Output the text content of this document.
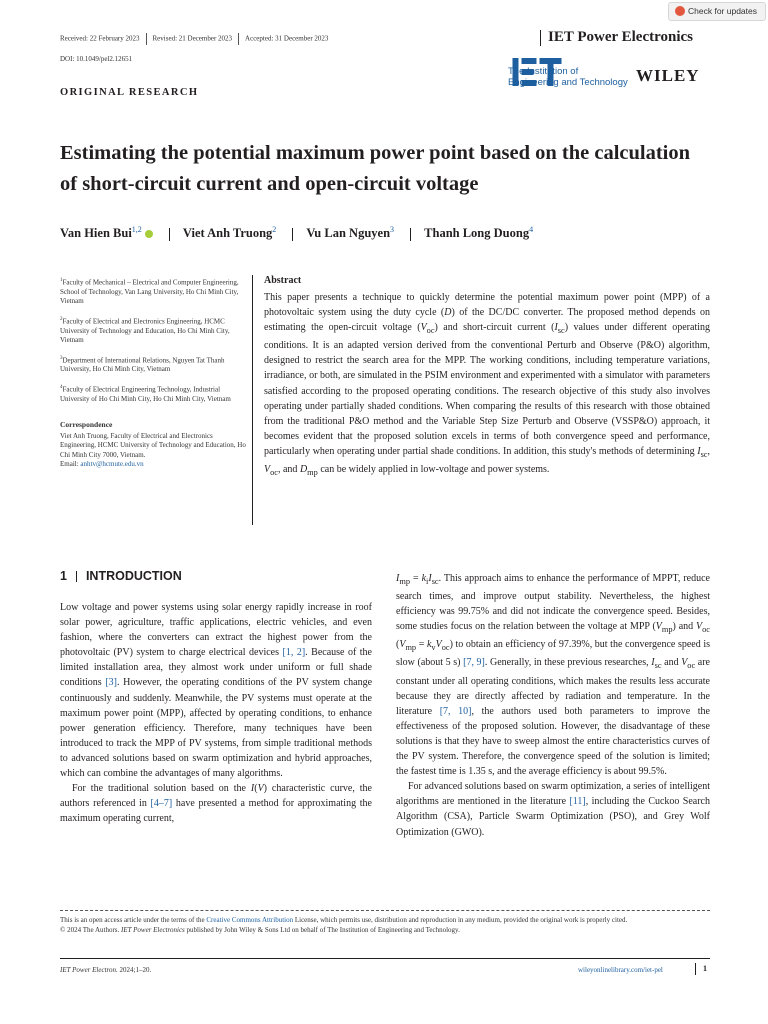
Check for updates
Received: 22 February 2023 Revised: 21 December 2023 Accepted: 31 December 2023	IET Power Electronics
DOI: 10.1049/pel2.12651
ORIGINAL RESEARCH
The Institution of
Engineering and Technology WILEY
Estimating the potential maximum power point based on the calculation of short-circuit current and open-circuit voltage
Van Hien Bui$^{1,2}$	Viet Anh Truong$^2$ Vu Lan Nguyen$^3$ Thanh Long Duong$^4$

$^1$Faculty of Mechanical – Electrical and Computer Engineering, School of Technology, Van Lang University, Ho Chi Minh City, Vietnam

$^2$Faculty of Electrical and Electronics Engineering, HCMC University of Technology and Education, Ho Chi Minh City, Vietnam

$^3$Department of International Relations, Nguyen Tat Thanh University, Ho Chi Minh City, Vietnam

$^4$Faculty of Electrical Engineering Technology, Industrial University of Ho Chi Minh City, Ho Chi Minh City, Vietnam

Correspondence

Viet Anh Truong, Faculty of Electrical and Electronics Engineering, HCMC University of Technology and Education, Ho Chi Minh City 7000, Vietnam.
Email: anhtv@hcmute.edu.vn

Abstract
This paper presents a technique to quickly determine the potential maximum power point (MPP) of a photovoltaic system using the duty cycle (D) of the DC/DC converter. The proposed method depends on estimating the open-circuit voltage $(V_{oc})$ and short-circuit current $(I_{sc})$ values under different operating conditions. It is an adapted version derived from the conventional Perturb and Observe (P&O) algorithm, designed to restrict the search area for the MPP. The working conditions, including temperature variations, irradiance, or both, are simulated in the PSIM environment and experimented with a simulator with parameters satisfied according to the proposed operating conditions. The research objective of this study also involves operating under partially shaded conditions. When comparing the results of this research with those obtained from the traditional P&O method and the Variable Step Size Perturb and Observe (VSSP&O) approach, it becomes evident that the proposed solution excels in terms of both convergence speed and performance, particularly when operating under partial shade conditions. In addition, this study's methods of determining $I_{sc}$, $V_{oc}$, and $D_{mp}$ can be widely applied in low-voltage and power systems.
1 INTRODUCTION

Low voltage and power systems using solar energy rapidly increase in roof solar power, agriculture, traffic applications, electric vehicles, and even fashion, where the converters can extract the highest power from the photovoltaic (PV) system to charge electrical devices [1, 2]. Because of the limited installation area, they almost work under uniform or full shade conditions [3]. However, the operating conditions of the PV system change continuously and suddenly. Meanwhile, the PV systems must operate at the maximum power point (MPP), affected by operating conditions, to enhance power generation efficiency. Therefore, many techniques have been introduced to track the MPP of PV systems, from simple traditional methods to advanced solutions based on swarm optimization and hybrid approaches, which can combine the advantages of many algorithms.

For the traditional solution based on the I(V) characteristic curve, the authors referenced in [4–7] have presented a method for approximating the maximum operating current,

$I_{mp} = k_iI_{sc}$. This approach aims to enhance the performance of MPPT, reduce search times, and improve output stability. Nevertheless, the highest efficiency was 99.75% and did not indicate the convergence speed. Besides, some studies focus on the relation between the voltage at MPP $(V_{mp})$ and $V_{oc}$ $(V_{mp} = k_vV_{oc})$ to obtain an efficiency of 97.39%, but the convergence speed is slow (about 5 s) [7, 9]. Generally, in these previous researches, $I_{sc}$ and $V_{oc}$ are constant under all operating conditions, which makes the results less accurate because they are directly affected by radiation and temperature. In the literature [7, 10], the authors used both parameters to improve the effectiveness of the proposed solution. However, the disadvantage of these solutions is that they have to sweep almost the entire characteristics curves of the PV system. Therefore, the convergence speed of the solution is limited; the fastest time is 1.35 s, and the average efficiency is about 99.5%.

For advanced solutions based on swarm optimization, a series of intelligent algorithms are mentioned in the literature [11], including the Cuckoo Search Algorithm (CSA), Particle Swarm Optimization (PSO), and Grey Wolf Optimization (GWO).

This is an open access article under the terms of the Creative Commons Attribution License, which permits use, distribution and reproduction in any medium, provided the original work is properly cited.
© 2024 The Authors. IET Power Electronics published by John Wiley & Sons Ltd on behalf of The Institution of Engineering and Technology.
IET Power Electron. 2024;1–20.	wileyonlinelibrary.com/iet-pel	1
